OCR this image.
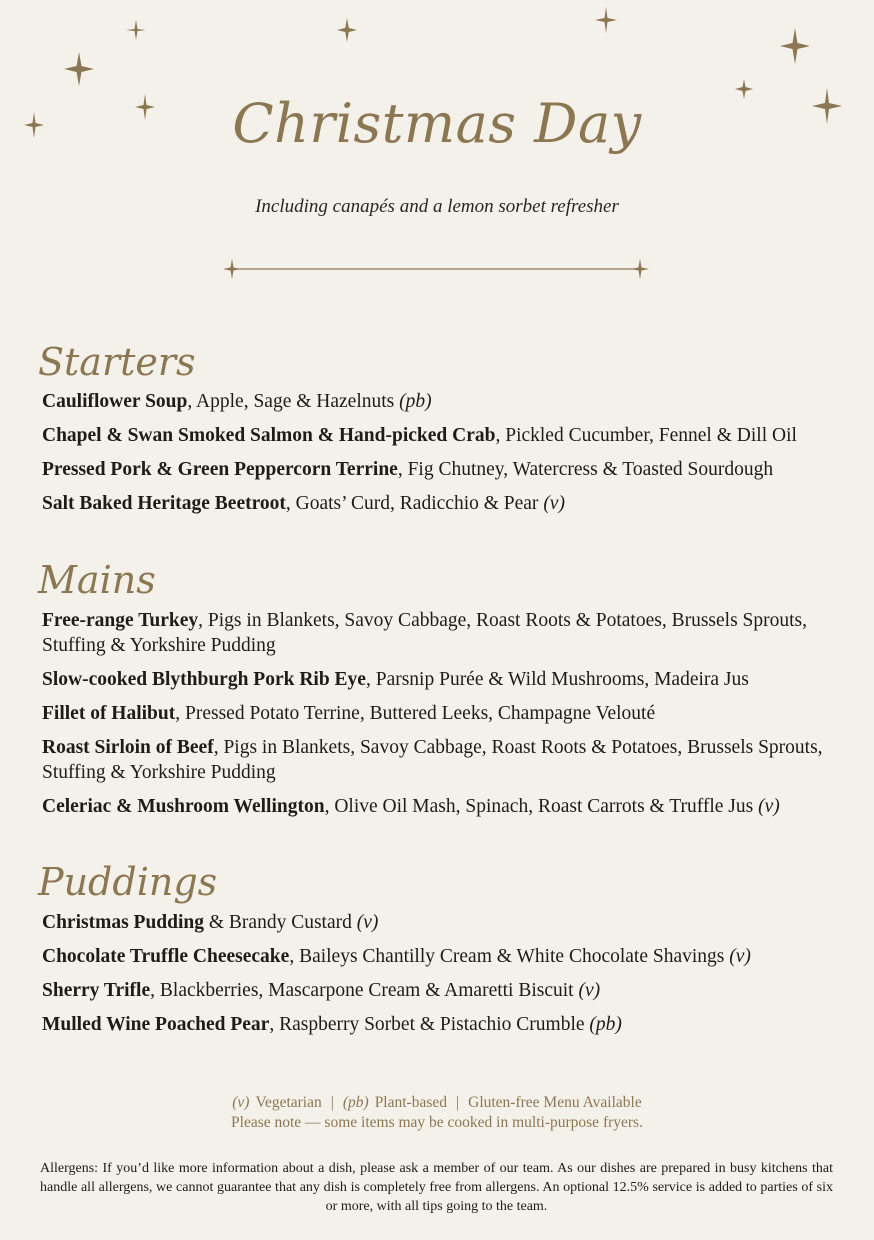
Christmas Day
Including canapés and a lemon sorbet refresher
Starters
Cauliflower Soup, Apple, Sage & Hazelnuts (pb)
Chapel & Swan Smoked Salmon & Hand-picked Crab, Pickled Cucumber, Fennel & Dill Oil
Pressed Pork & Green Peppercorn Terrine, Fig Chutney, Watercress & Toasted Sourdough
Salt Baked Heritage Beetroot, Goats’ Curd, Radicchio & Pear (v)
Mains
Free-range Turkey, Pigs in Blankets, Savoy Cabbage, Roast Roots & Potatoes, Brussels Sprouts, Stuffing & Yorkshire Pudding
Slow-cooked Blythburgh Pork Rib Eye, Parsnip Purée & Wild Mushrooms, Madeira Jus
Fillet of Halibut, Pressed Potato Terrine, Buttered Leeks, Champagne Velouté
Roast Sirloin of Beef, Pigs in Blankets, Savoy Cabbage, Roast Roots & Potatoes, Brussels Sprouts, Stuffing & Yorkshire Pudding
Celeriac & Mushroom Wellington, Olive Oil Mash, Spinach, Roast Carrots & Truffle Jus (v)
Puddings
Christmas Pudding & Brandy Custard (v)
Chocolate Truffle Cheesecake, Baileys Chantilly Cream & White Chocolate Shavings (v)
Sherry Trifle, Blackberries, Mascarpone Cream & Amaretti Biscuit (v)
Mulled Wine Poached Pear, Raspberry Sorbet & Pistachio Crumble (pb)
(v) Vegetarian | (pb) Plant-based | Gluten-free Menu Available
Please note — some items may be cooked in multi-purpose fryers.
Allergens: If you’d like more information about a dish, please ask a member of our team. As our dishes are prepared in busy kitchens that handle all allergens, we cannot guarantee that any dish is completely free from allergens. An optional 12.5% service is added to parties of six or more, with all tips going to the team.
